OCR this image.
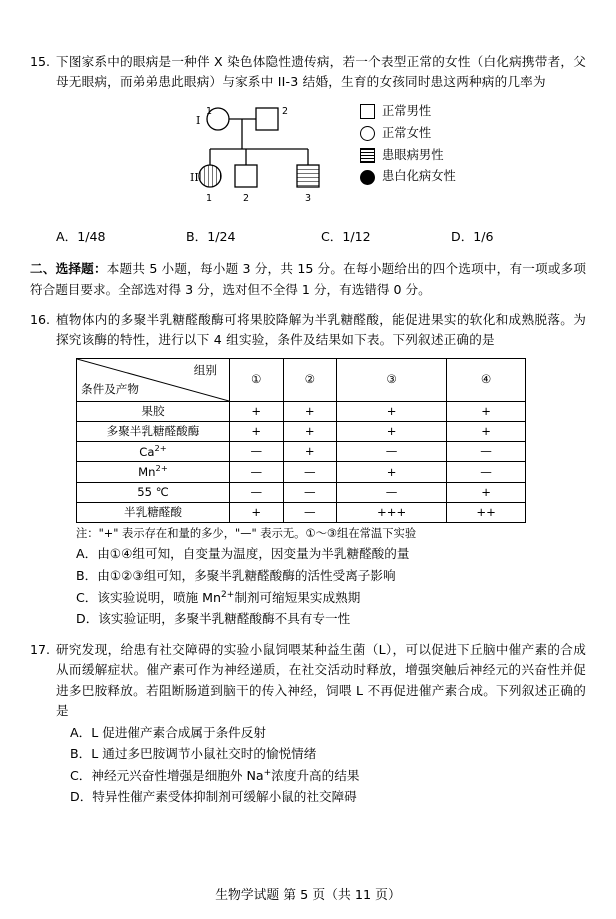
15. 下图家系中的眼病是一种伴 X 染色体隐性遗传病，若一个表型正常的女性（白化病携带者，父母无眼病，而弟弟患此眼病）与家系中 II-3 结婚，生育的女孩同时患这两种病的几率为
I
1	2
II
1	2	3
正常男性
正常女性
患眼病男性
患白化病女性
A．1/48	B．1/24	C．1/12	D．1/6
二、选择题：本题共 5 小题，每小题 3 分，共 15 分。在每小题给出的四个选项中，有一项或多项符合题目要求。全部选对得 3 分，选对但不全得 1 分，有选错得 0 分。
16. 植物体内的多聚半乳糖醛酸酶可将果胶降解为半乳糖醛酸，能促进果实的软化和成熟脱落。为探究该酶的特性，进行以下 4 组实验，条件及结果如下表。下列叙述正确的是
组别
条件及产物	①	②	③	④
果胶	+	+	+	+
多聚半乳糖醛酸酶	+	+	+	+
$Ca^{2+}$	—	+	—	—
$Mn^{2+}$	—	—	+	—
55 ℃	—	—	—	+
半乳糖醛酸	+	—	+++	++
注："+" 表示存在和量的多少，"—" 表示无。①～③组在常温下实验
A．由①④组可知，自变量为温度，因变量为半乳糖醛酸的量
B．由①②③组可知，多聚半乳糖醛酸酶的活性受离子影响
C．该实验说明，喷施 $Mn^{2+}$制剂可缩短果实成熟期
D．该实验证明，多聚半乳糖醛酸酶不具有专一性
17. 研究发现，给患有社交障碍的实验小鼠饲喂某种益生菌（L），可以促进下丘脑中催产素的合成从而缓解症状。催产素可作为神经递质，在社交活动时释放，增强突触后神经元的兴奋性并促进多巴胺释放。若阻断肠道到脑干的传入神经，饲喂 L 不再促进催产素合成。下列叙述正确的是
A．L 促进催产素合成属于条件反射
B．L 通过多巴胺调节小鼠社交时的愉悦情绪
C．神经元兴奋性增强是细胞外 Na+浓度升高的结果
D．特异性催产素受体抑制剂可缓解小鼠的社交障碍
生物学试题 第 5 页（共 11 页）
